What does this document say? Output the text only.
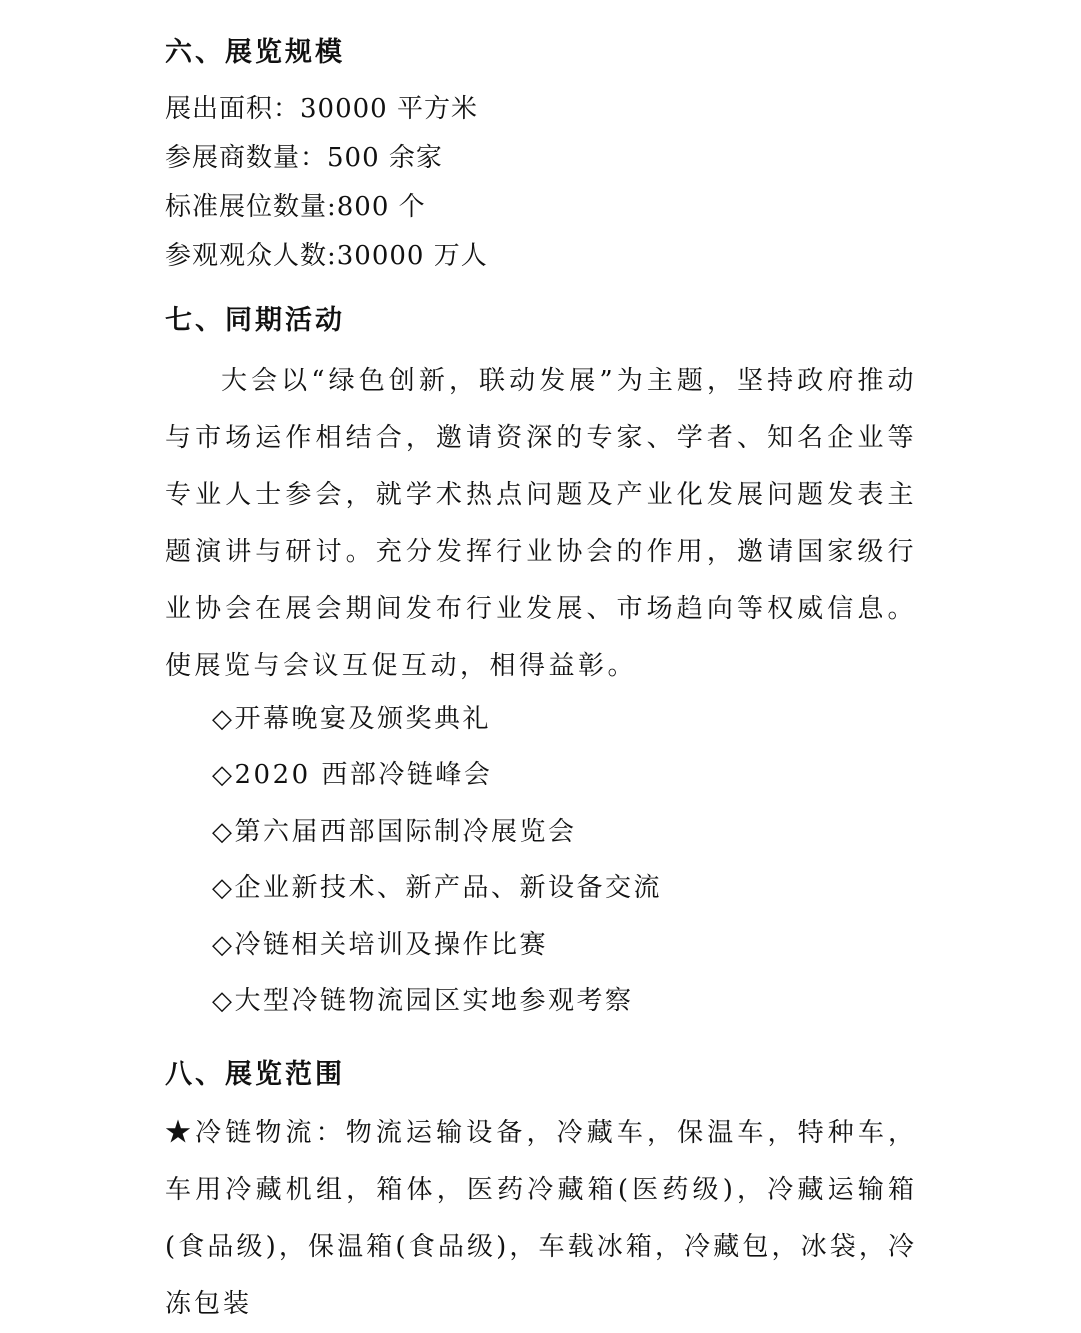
六、展览规模
展出面积：30000 平方米
参展商数量：500 余家
标准展位数量:800 个
参观观众人数:30000 万人
七、同期活动
大会以“绿色创新，联动发展”为主题，坚持政府推动与市场运作相结合，邀请资深的专家、学者、知名企业等专业人士参会，就学术热点问题及产业化发展问题发表主题演讲与研讨。充分发挥行业协会的作用，邀请国家级行业协会在展会期间发布行业发展、市场趋向等权威信息。使展览与会议互促互动，相得益彰。
◇开幕晚宴及颁奖典礼
◇2020 西部冷链峰会
◇第六届西部国际制冷展览会
◇企业新技术、新产品、新设备交流
◇冷链相关培训及操作比赛
◇大型冷链物流园区实地参观考察
八、展览范围
★冷链物流：物流运输设备，冷藏车，保温车，特种车，车用冷藏机组，箱体，医药冷藏箱(医药级)，冷藏运输箱(食品级)，保温箱(食品级)，车载冰箱，冷藏包，冰袋，冷冻包装
